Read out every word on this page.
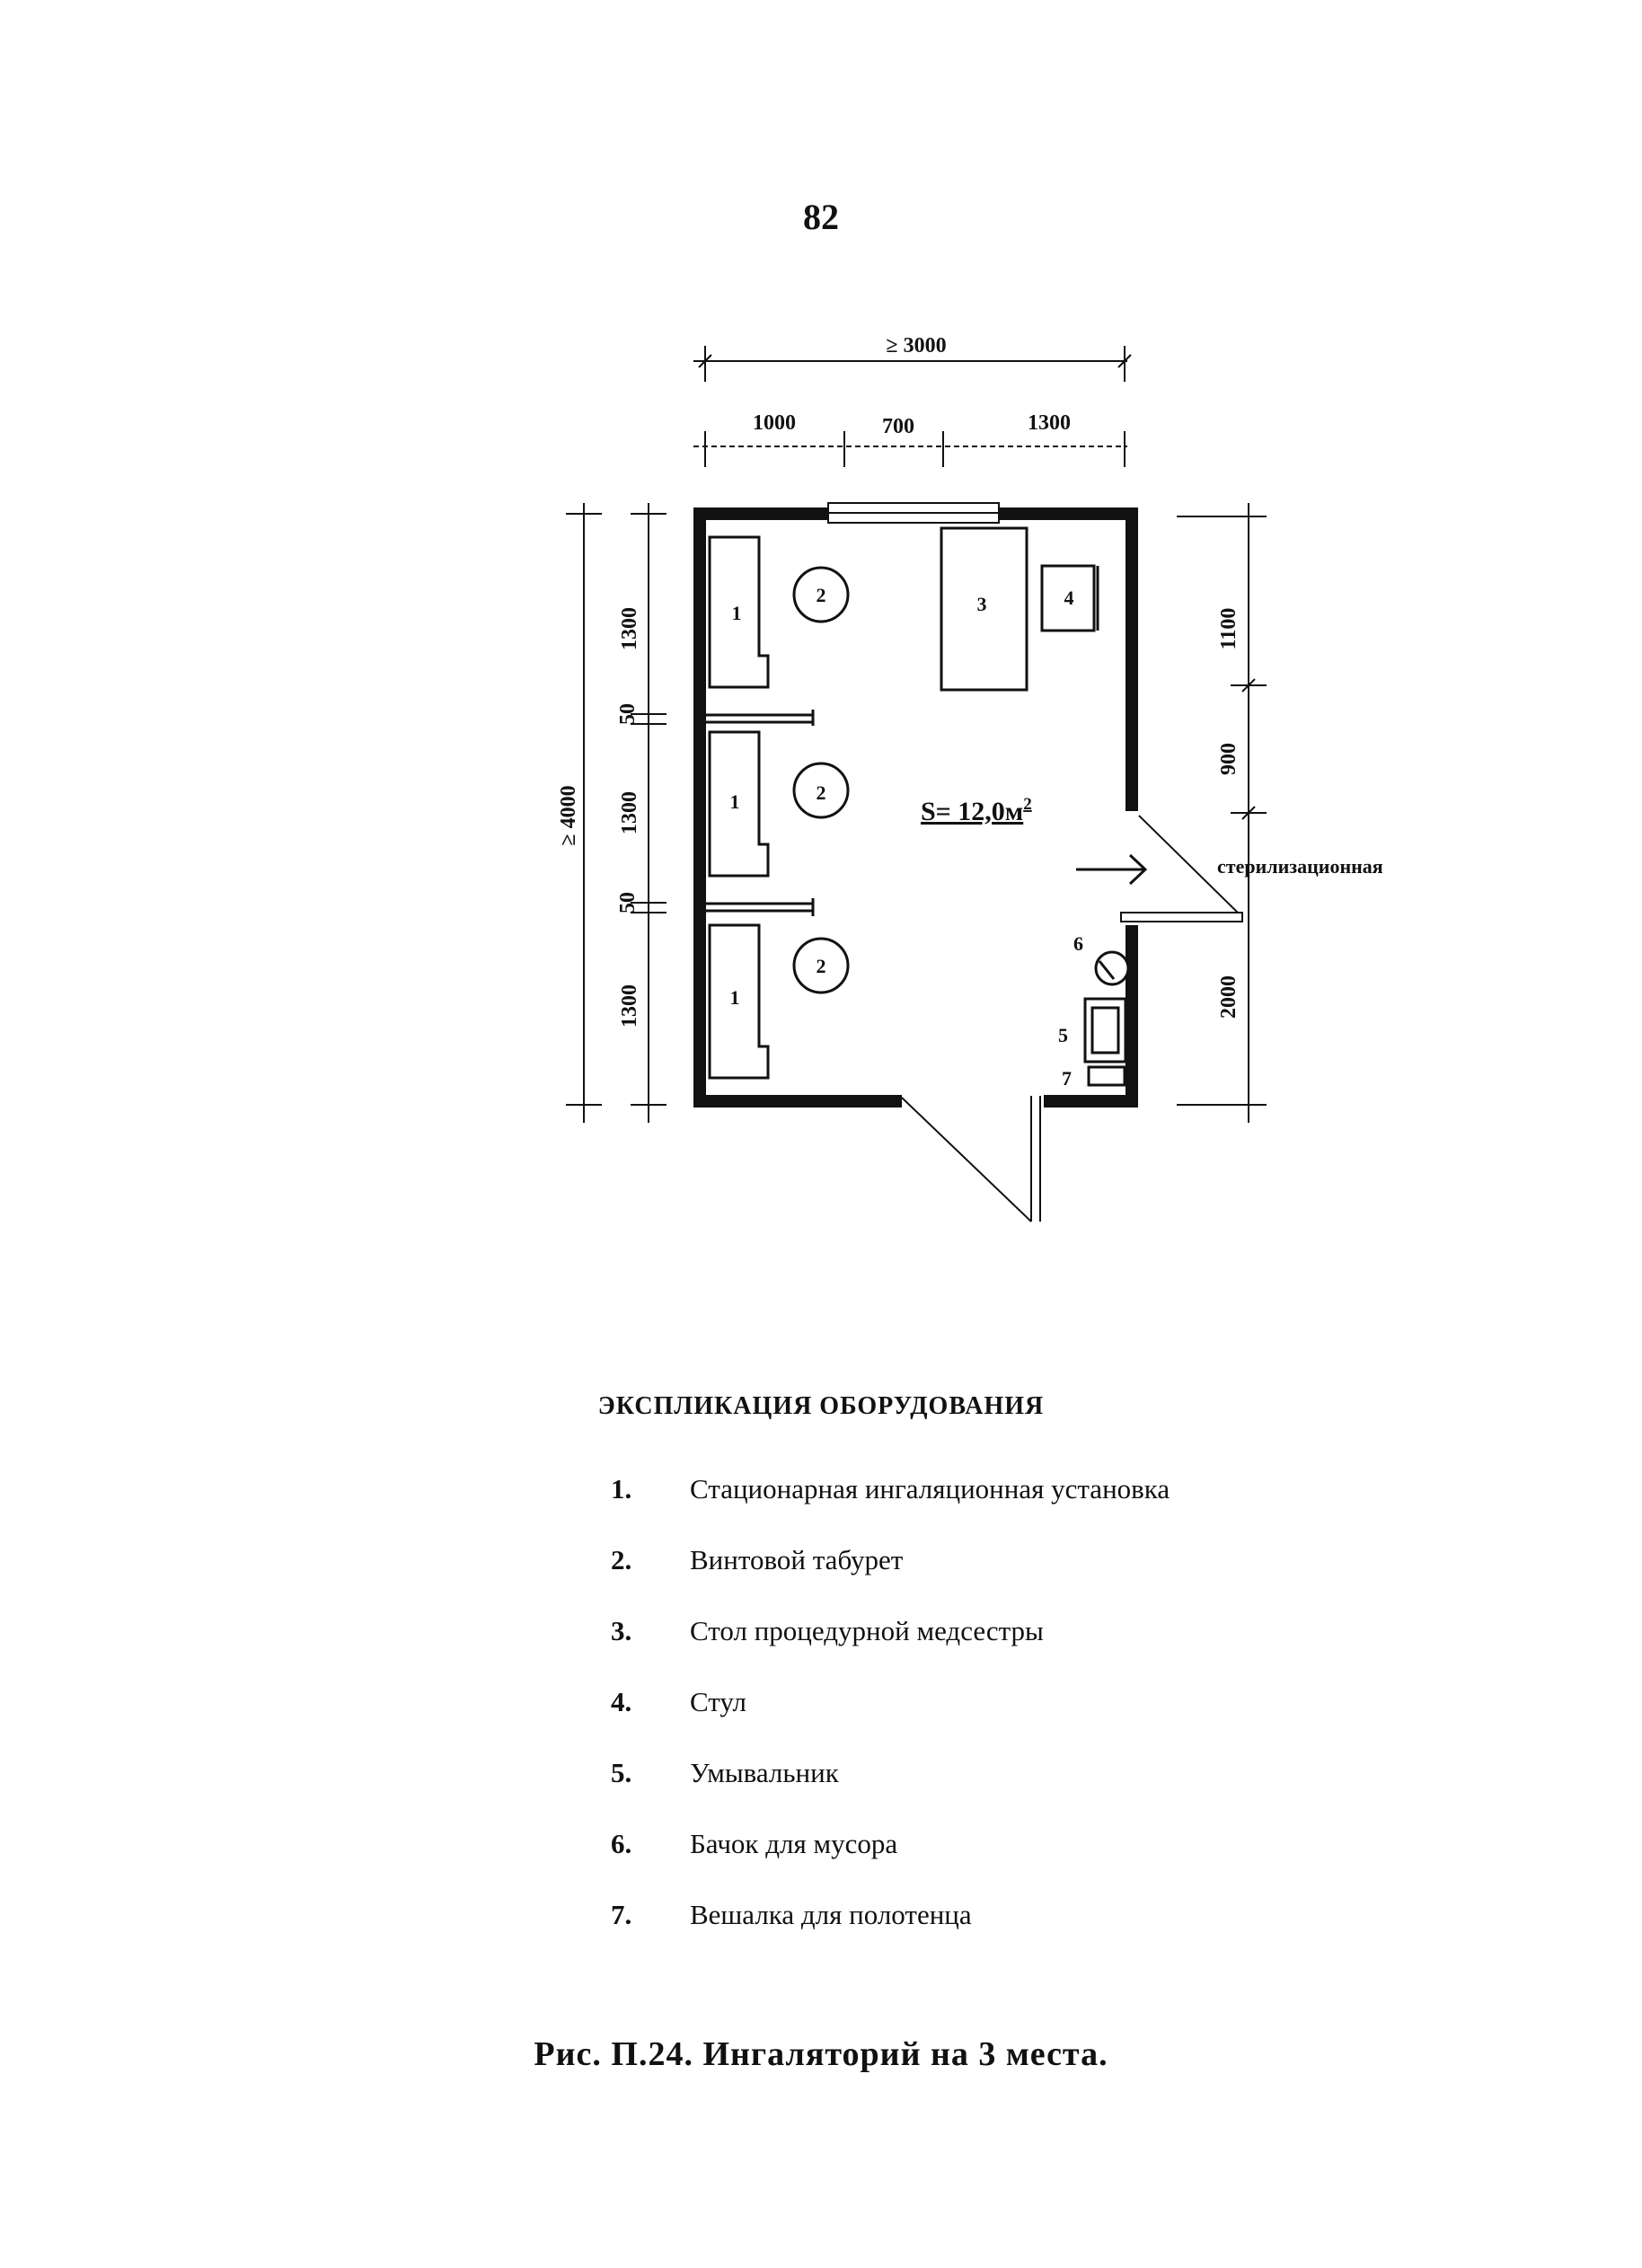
82
≥ 3000
1000	700	1300
≥ 4000
1300
50
1300
50
1300
1100
900
2000
1
1
1
2
2
2
3	4
$S= 12,0м^2$
стерилизационная
6
5
7
ЭКСПЛИКАЦИЯ ОБОРУДОВАНИЯ
1.	Стационарная ингаляционная установка
2.	Винтовой табурет
3.	Стол процедурной медсестры
4.	Стул
5.	Умывальник
6.	Бачок для мусора
7.	Вешалка для полотенца
Рис. П.24. Ингаляторий на 3 места.
